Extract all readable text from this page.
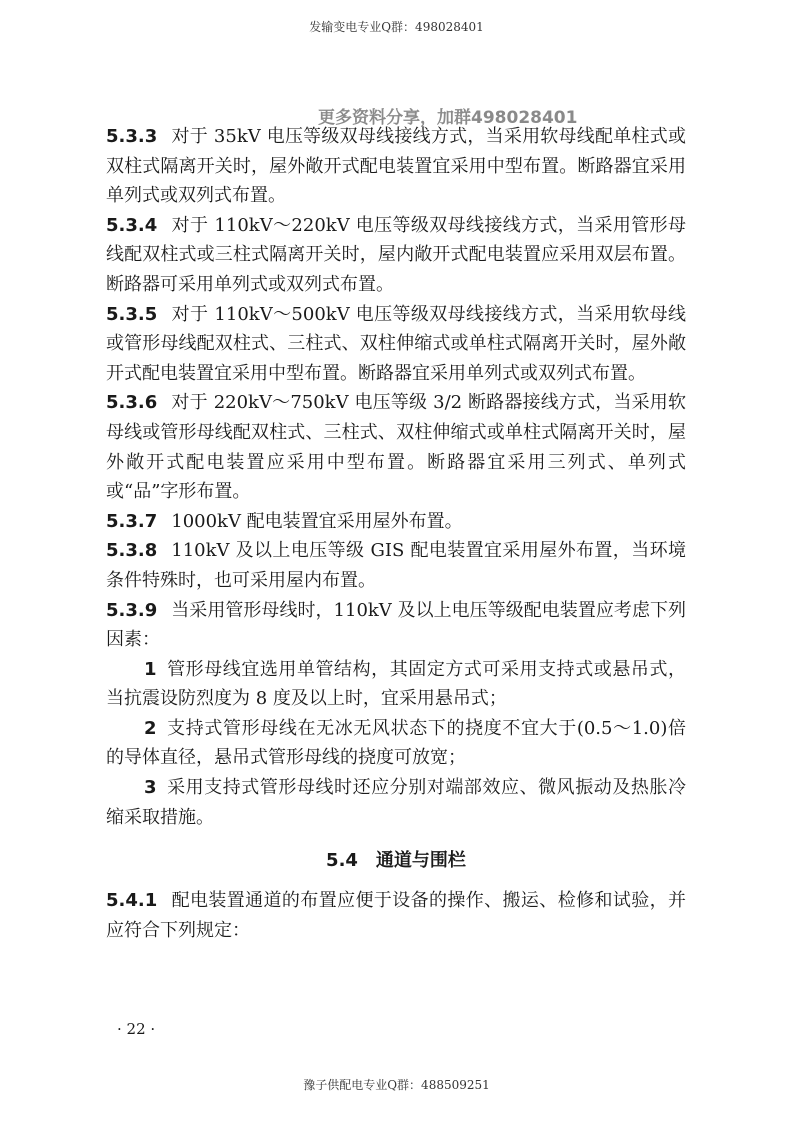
发输变电专业Q群：498028401
更多资料分享，加群498028401
5.3.3 对于 35kV 电压等级双母线接线方式，当采用软母线配单柱式或双柱式隔离开关时，屋外敞开式配电装置宜采用中型布置。断路器宜采用单列式或双列式布置。
5.3.4 对于 110kV～220kV 电压等级双母线接线方式，当采用管形母线配双柱式或三柱式隔离开关时，屋内敞开式配电装置应采用双层布置。断路器可采用单列式或双列式布置。
5.3.5 对于 110kV～500kV 电压等级双母线接线方式，当采用软母线或管形母线配双柱式、三柱式、双柱伸缩式或单柱式隔离开关时，屋外敞开式配电装置宜采用中型布置。断路器宜采用单列式或双列式布置。
5.3.6 对于 220kV～750kV 电压等级 3/2 断路器接线方式，当采用软母线或管形母线配双柱式、三柱式、双柱伸缩式或单柱式隔离开关时，屋外敞开式配电装置应采用中型布置。断路器宜采用三列式、单列式或“品”字形布置。
5.3.7 1000kV 配电装置宜采用屋外布置。
5.3.8 110kV 及以上电压等级 GIS 配电装置宜采用屋外布置，当环境条件特殊时，也可采用屋内布置。
5.3.9 当采用管形母线时，110kV 及以上电压等级配电装置应考虑下列因素：
1 管形母线宜选用单管结构，其固定方式可采用支持式或悬吊式，当抗震设防烈度为 8 度及以上时，宜采用悬吊式；
2 支持式管形母线在无冰无风状态下的挠度不宜大于(0.5～1.0)倍的导体直径，悬吊式管形母线的挠度可放宽；
3 采用支持式管形母线时还应分别对端部效应、微风振动及热胀冷缩采取措施。
5.4　通道与围栏
5.4.1 配电装置通道的布置应便于设备的操作、搬运、检修和试验，并应符合下列规定：
· 22 ·
豫子供配电专业Q群：488509251
